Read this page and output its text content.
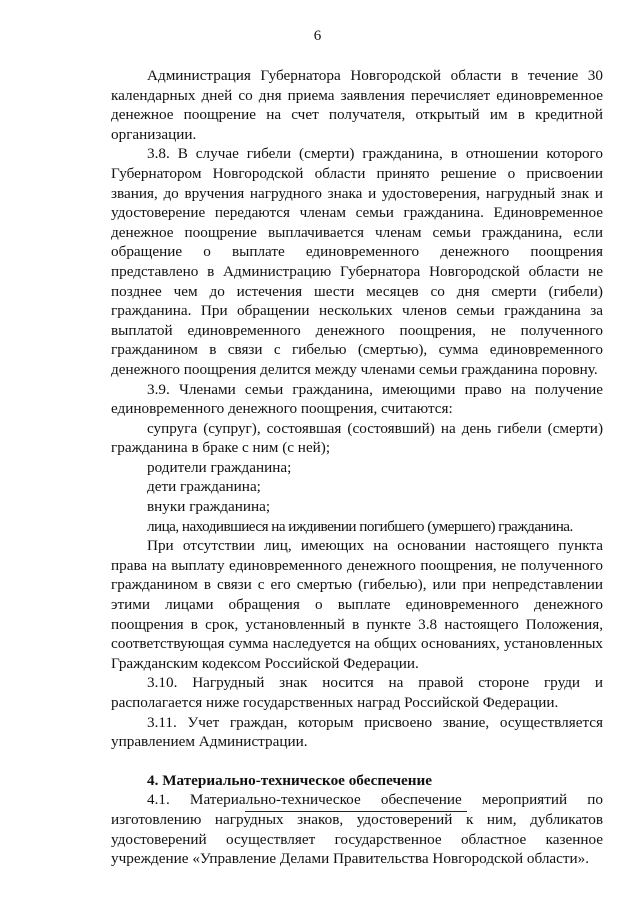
6

Администрация Губернатора Новгородской области в течение 30 календарных дней со дня приема заявления перечисляет единовременное денежное поощрение на счет получателя, открытый им в кредитной организации.

3.8. В случае гибели (смерти) гражданина, в отношении которого Губернатором Новгородской области принято решение о присвоении звания, до вручения нагрудного знака и удостоверения, нагрудный знак и удостоверение передаются членам семьи гражданина. Единовременное денежное поощрение выплачивается членам семьи гражданина, если обращение о выплате единовременного денежного поощрения представлено в Администрацию Губернатора Новгородской области не позднее чем до истечения шести месяцев со дня смерти (гибели) гражданина. При обращении нескольких членов семьи гражданина за выплатой единовременного денежного поощрения, не полученного гражданином в связи с гибелью (смертью), сумма единовременного денежного поощрения делится между членами семьи гражданина поровну.

3.9. Членами семьи гражданина, имеющими право на получение единовременного денежного поощрения, считаются:

супруга (супруг), состоявшая (состоявший) на день гибели (смерти) гражданина в браке с ним (с ней);

родители гражданина;

дети гражданина;

внуки гражданина;

лица, находившиеся на иждивении погибшего (умершего) гражданина.

При отсутствии лиц, имеющих на основании настоящего пункта права на выплату единовременного денежного поощрения, не полученного гражданином в связи с его смертью (гибелью), или при непредставлении этими лицами обращения о выплате единовременного денежного поощрения в срок, установленный в пункте 3.8 настоящего Положения, соответствующая сумма наследуется на общих основаниях, установленных Гражданским кодексом Российской Федерации.

3.10. Нагрудный знак носится на правой стороне груди и располагается ниже государственных наград Российской Федерации.

3.11. Учет граждан, которым присвоено звание, осуществляется управлением Администрации.

4. Материально-техническое обеспечение

4.1. Материально-техническое обеспечение мероприятий по изготовлению нагрудных знаков, удостоверений к ним, дубликатов удостоверений осуществляет государственное областное казенное учреждение «Управление Делами Правительства Новгородской области».
